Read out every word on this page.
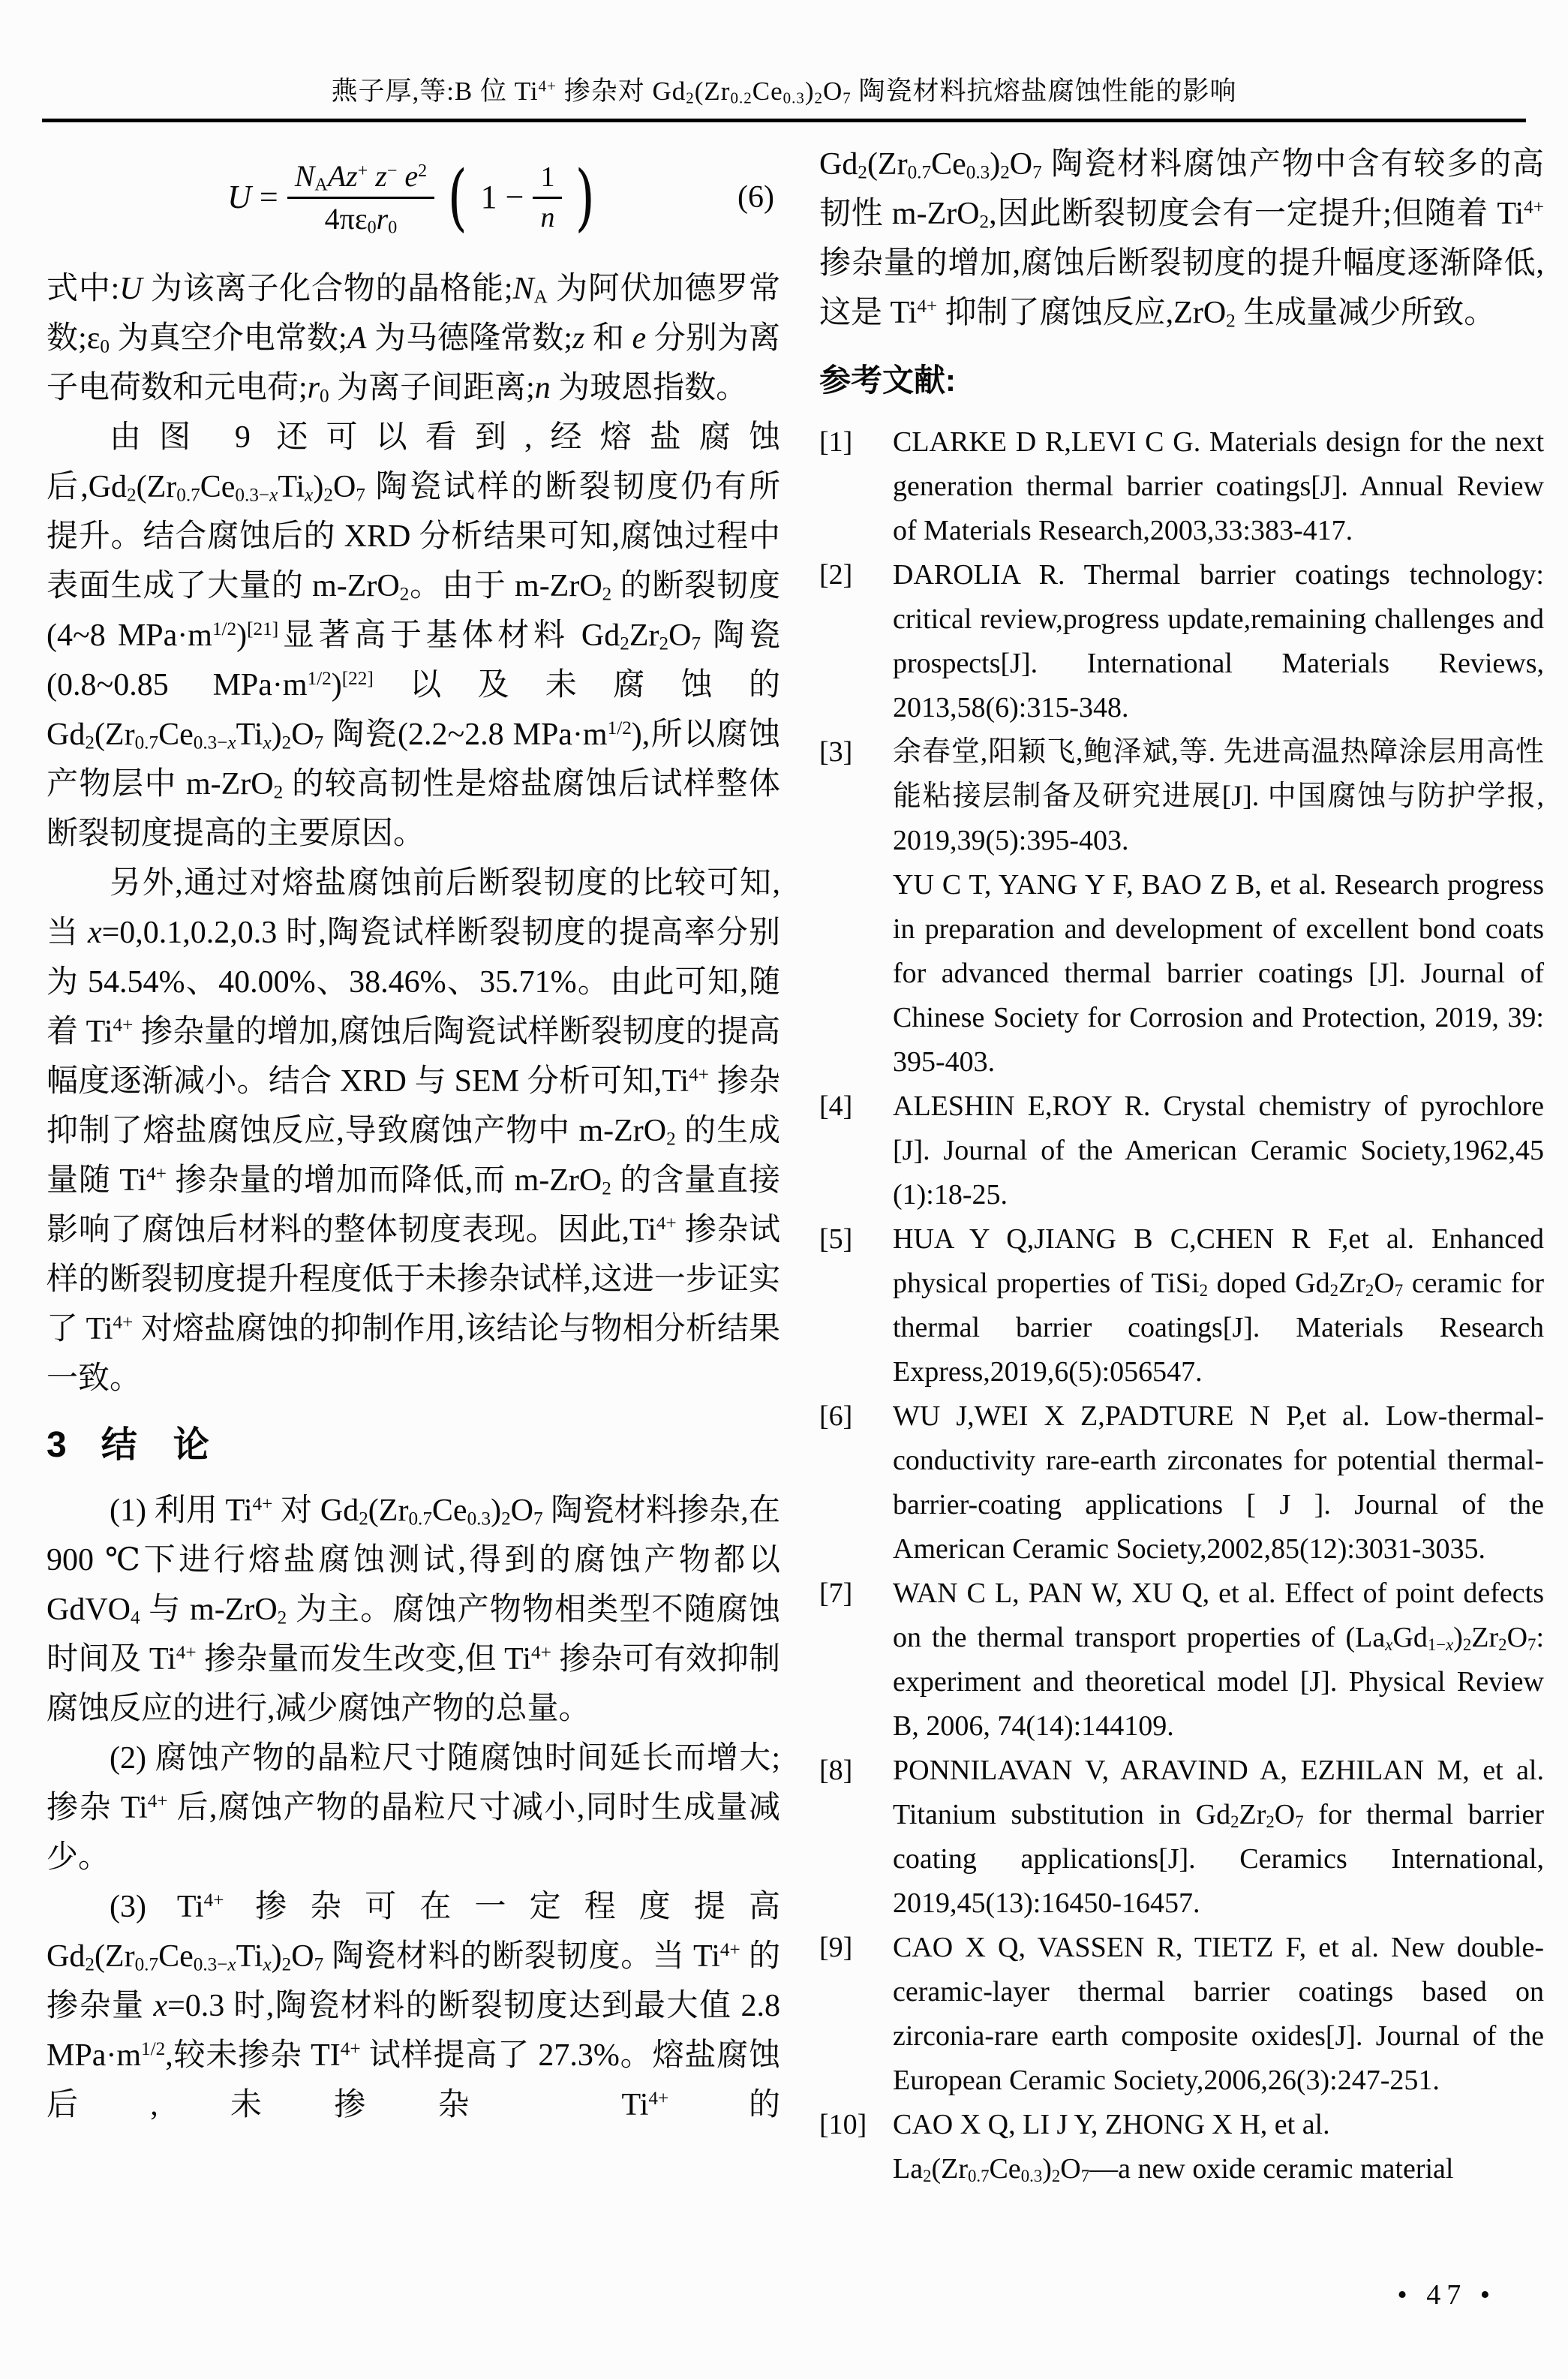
燕子厚,等:B 位 $Ti^{4+}$ 掺杂对 $Gd_2(Zr_{0.2}Ce_{0.3})_2O_7$ 陶瓷材料抗熔盐腐蚀性能的影响
$U = \frac{N_AAz^+ z^- e^2}{4\pi\varepsilon_0r_0}$ ( $1 - \frac{1}{n}$ )	(6)

式中:U 为该离子化合物的晶格能$;N_A$ 为阿伏加德罗常数$;\varepsilon_0$ 为真空介电常数;A 为马德隆常数;z 和 e 分别为离子电荷数和元电荷$;r_0$ 为离子间距离;n 为玻恩指数。

由图 9 还可以看到,经熔盐腐蚀后$,Gd_2(Zr_{0.7}Ce_{0.3-x}Ti_x)_2O_7$ 陶瓷试样的断裂韧度仍有所提升。结合腐蚀后的 XRD 分析结果可知,腐蚀过程中表面生成了大量的 m-ZrO$_2$。由于 m-ZrO$_2$ 的断裂韧度(4~8 $MPa\cdot m^{1/2})[21]$显著高于基体材料 $Gd_2Zr_2O_7$ 陶瓷(0.8~0.85 $MPa\cdot m^{1/2})[22]$以及未腐蚀的 $Gd_2(Zr_{0.7}Ce_{0.3-x}Ti_x)_2O_7$ 陶瓷(2.2~2.8 $MPa\cdot m^{1/2}$),所以腐蚀产物层中 m-ZrO$_2$ 的较高韧性是熔盐腐蚀后试样整体断裂韧度提高的主要原因。

另外,通过对熔盐腐蚀前后断裂韧度的比较可知,当 x=0,0.1,0.2,0.3 时,陶瓷试样断裂韧度的提高率分别为 54.54%、40.00%、38.46%、35.71%。由此可知,随着 $Ti^{4+}$ 掺杂量的增加,腐蚀后陶瓷试样断裂韧度的提高幅度逐渐减小。结合 XRD 与 SEM 分析可知$,Ti^{4+}$ 掺杂抑制了熔盐腐蚀反应,导致腐蚀产物中 m-ZrO$_2$ 的生成量随 $Ti^{4+}$ 掺杂量的增加而降低,而 m-ZrO$_2$ 的含量直接影响了腐蚀后材料的整体韧度表现。因此$,Ti^{4+}$ 掺杂试样的断裂韧度提升程度低于未掺杂试样,这进一步证实了 $Ti^{4+}$ 对熔盐腐蚀的抑制作用,该结论与物相分析结果一致。

3 结　论

(1) 利用 $Ti^{4+}$ 对 $Gd_2(Zr_{0.7}Ce_{0.3})_2O_7$ 陶瓷材料掺杂,在 900 ℃下进行熔盐腐蚀测试,得到的腐蚀产物都以 GdVO$_4$ 与 m-ZrO$_2$ 为主。腐蚀产物物相类型不随腐蚀时间及 $Ti^{4+}$ 掺杂量而发生改变,但 $Ti^{4+}$ 掺杂可有效抑制腐蚀反应的进行,减少腐蚀产物的总量。

(2) 腐蚀产物的晶粒尺寸随腐蚀时间延长而增大;掺杂 $Ti^{4+}$ 后,腐蚀产物的晶粒尺寸减小,同时生成量减少。

(3) $Ti^{4+}$ 掺杂可在一定程度提高 $Gd_2(Zr_{0.7}Ce_{0.3-x}Ti_x)_2O_7$ 陶瓷材料的断裂韧度。当 $Ti^{4+}$ 的掺杂量 x=0.3 时,陶瓷材料的断裂韧度达到最大值 2.8 $MPa\cdot m^{1/2}$,较未掺杂 $TI^{4+}$ 试样提高了 27.3%。熔盐腐蚀后,未掺杂 $Ti^{4+}$ 的

$Gd_2(Zr_{0.7}Ce_{0.3})_2O_7$ 陶瓷材料腐蚀产物中含有较多的高韧性 m-ZrO$_2$,因此断裂韧度会有一定提升;但随着 $Ti^{4+}$ 掺杂量的增加,腐蚀后断裂韧度的提升幅度逐渐降低,这是 $Ti^{4+}$ 抑制了腐蚀反应,ZrO$_2$ 生成量减少所致。

参考文献:
[1]	CLARKE D R,LEVI C G. Materials design for the next generation thermal barrier coatings[J]. Annual Review of Materials Research,2003,33:383-417.
[2]	DAROLIA R. Thermal barrier coatings technology: critical review,progress update,remaining challenges and prospects[J]. International Materials Reviews, 2013,58(6):315-348.
[3]	余春堂,阳颖飞,鲍泽斌,等. 先进高温热障涂层用高性能粘接层制备及研究进展[J]. 中国腐蚀与防护学报, 2019,39(5):395-403.
YU C T, YANG Y F, BAO Z B, et al. Research progress in preparation and development of excellent bond coats for advanced thermal barrier coatings [J]. Journal of Chinese Society for Corrosion and Protection, 2019, 39: 395-403.
[4]	ALESHIN E,ROY R. Crystal chemistry of pyrochlore [J]. Journal of the American Ceramic Society,1962,45 (1):18-25.
[5]	HUA Y Q,JIANG B C,CHEN R F,et al. Enhanced physical properties of TiSi$_2$ doped $Gd_2Zr_2O_7$ ceramic for thermal barrier coatings[J]. Materials Research Express,2019,6(5):056547.
[6]	WU J,WEI X Z,PADTURE N P,et al. Low-thermal-conductivity rare-earth zirconates for potential thermal-barrier-coating applications [ J ]. Journal of the American Ceramic Society,2002,85(12):3031-3035.
[7]	WAN C L, PAN W, XU Q, et al. Effect of point defects on the thermal transport properties of $(La_xGd_{1-x})_2Zr_2O_7$: experiment and theoretical model [J]. Physical Review B, 2006, 74(14):144109.
[8]	PONNILAVAN V, ARAVIND A, EZHILAN M, et al. Titanium substitution in $Gd_2Zr_2O_7$ for thermal barrier coating applications[J]. Ceramics International, 2019,45(13):16450-16457.
[9]	CAO X Q, VASSEN R, TIETZ F, et al. New double-ceramic-layer thermal barrier coatings based on zirconia-rare earth composite oxides[J]. Journal of the European Ceramic Society,2006,26(3):247-251.
[10] CAO X Q, LI J Y, ZHONG X H, et al.
$La_2(Zr_{0.7}Ce_{0.3})_2O_7—a$ new oxide ceramic material
• 47 •
